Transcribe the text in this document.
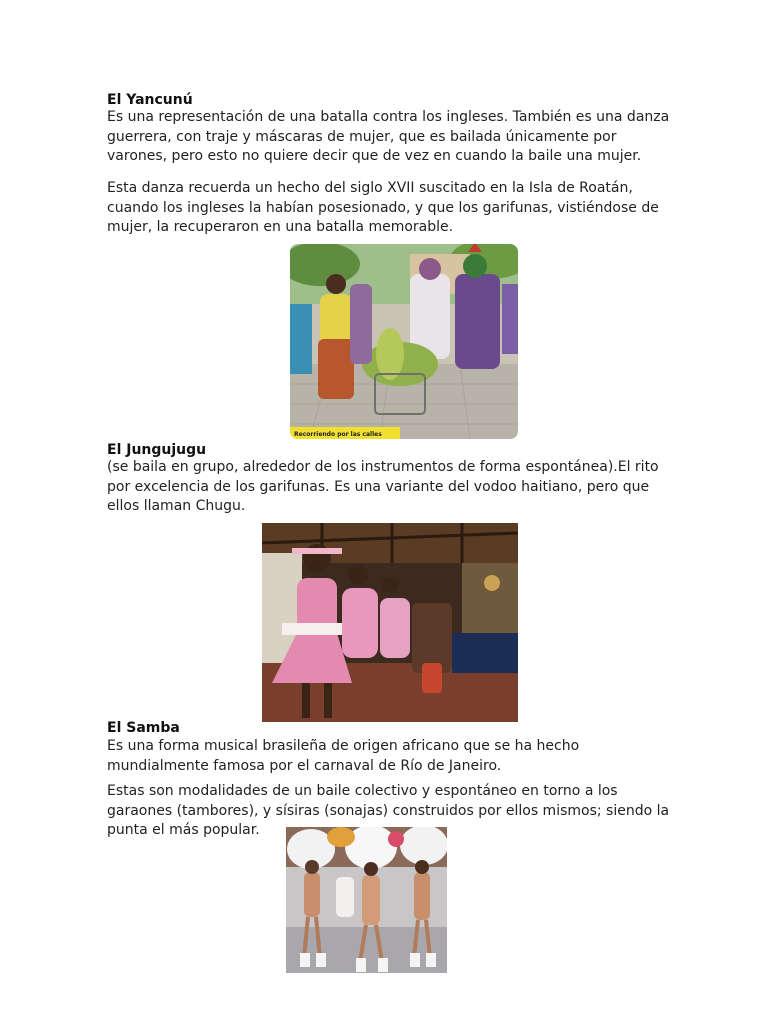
El Yancunú

Es una representación de una batalla contra los ingleses. También es una danza guerrera, con traje y máscaras de mujer, que es bailada únicamente por varones, pero esto no quiere decir que de vez en cuando la baile una mujer.

Esta danza recuerda un hecho del siglo XVII suscitado en la Isla de Roatán, cuando los ingleses la habían posesionado, y que los garifunas, vistiéndose de mujer, la recuperaron en una batalla memorable.

Recorriendo por las calles
El Jungujugu

(se baila en grupo, alrededor de los instrumentos de forma espontánea).El rito por excelencia de los garifunas. Es una variante del vodoo haitiano, pero que ellos llaman Chugu.

El Samba

Es una forma musical brasileña de origen africano que se ha hecho mundialmente famosa por el carnaval de Río de Janeiro.

Estas son modalidades de un baile colectivo y espontáneo en torno a los garaones (tambores), y sísiras (sonajas) construidos por ellos mismos; siendo la punta el más popular.
